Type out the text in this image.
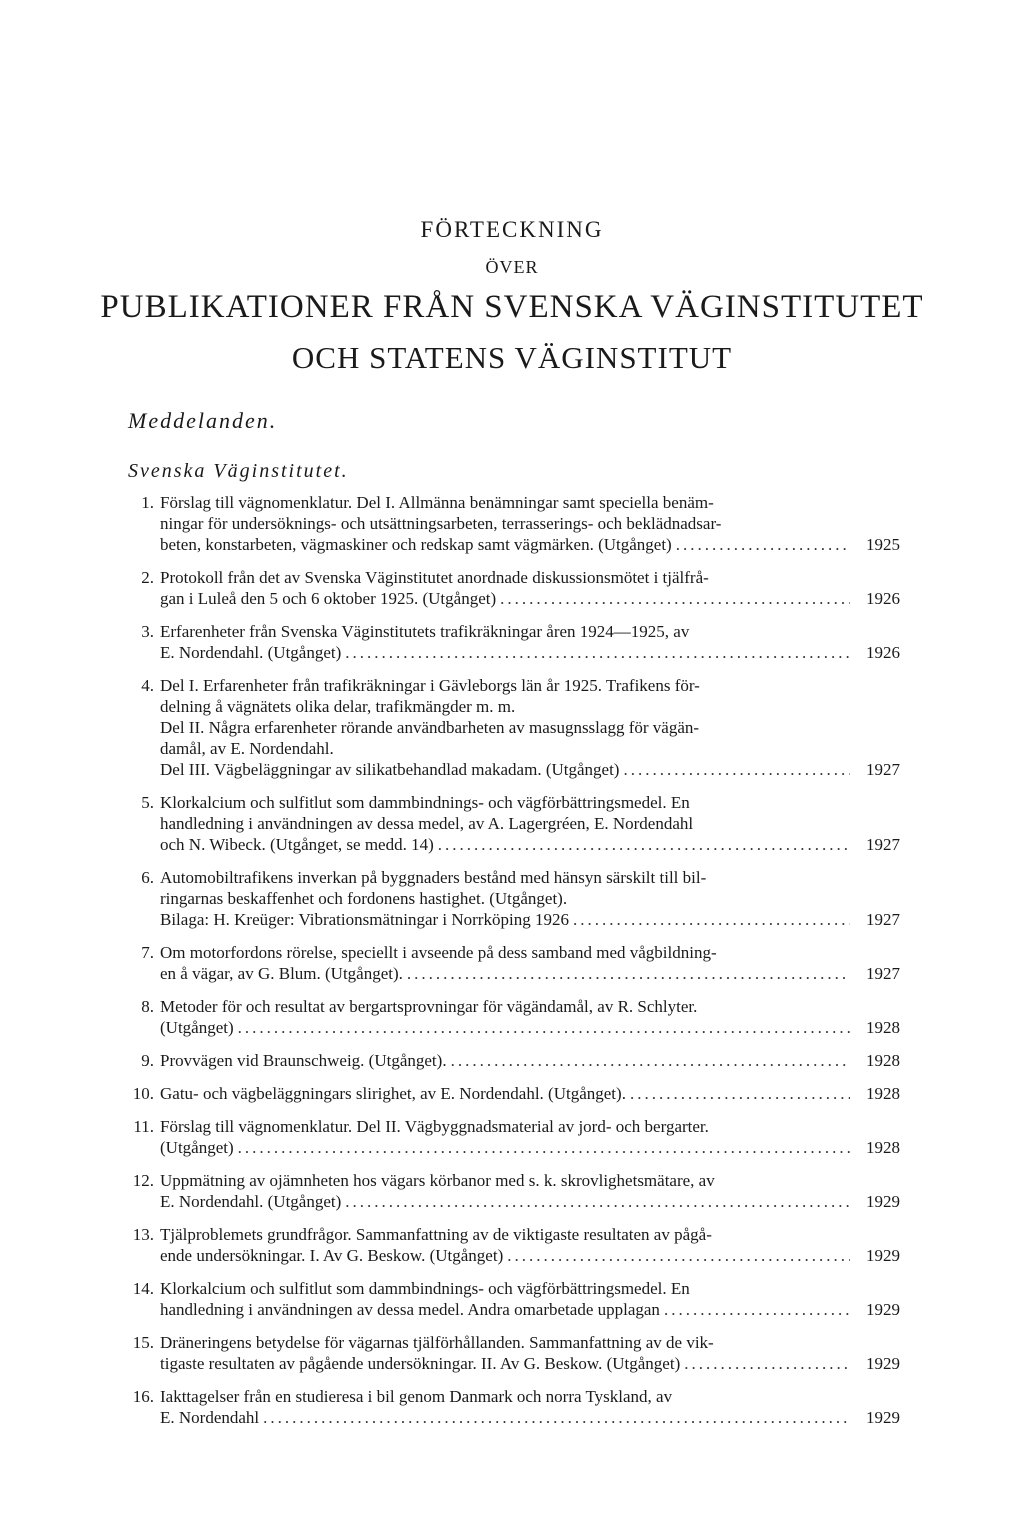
FÖRTECKNING
ÖVER
PUBLIKATIONER FRÅN SVENSKA VÄGINSTITUTET
OCH STATENS VÄGINSTITUT
Meddelanden.
Svenska Väginstitutet.
1. Förslag till vägnomenklatur. Del I. Allmänna benämningar samt speciella benäm-
ningar för undersöknings- och utsättningsarbeten, terrasserings- och beklädnadsar-
beten, konstarbeten, vägmaskiner och redskap samt vägmärken. (Utgånget) .....	1925
2. Protokoll från det av Svenska Väginstitutet anordnade diskussionsmötet i tjälfrå-
gan i Luleå den 5 och 6 oktober 1925. (Utgånget) .....	1926
3. Erfarenheter från Svenska Väginstitutets trafikräkningar åren 1924—1925, av
E. Nordendahl. (Utgånget) .....	1926
4. Del I. Erfarenheter från trafikräkningar i Gävleborgs län år 1925. Trafikens för-
delning å vägnätets olika delar, trafikmängder m. m.
Del II. Några erfarenheter rörande användbarheten av masugnsslagg för vägän-
damål, av E. Nordendahl.
Del III. Vägbeläggningar av silikatbehandlad makadam. (Utgånget) .....	1927
5. Klorkalcium och sulfitlut som dammbindnings- och vägförbättringsmedel. En
handledning i användningen av dessa medel, av A. Lagergréen, E. Nordendahl
och N. Wibeck. (Utgånget, se medd. 14) .....	1927
6. Automobiltrafikens inverkan på byggnaders bestånd med hänsyn särskilt till bil-
ringarnas beskaffenhet och fordonens hastighet. (Utgånget).
Bilaga: H. Kreüger: Vibrationsmätningar i Norrköping 1926 .....	1927
7. Om motorfordons rörelse, speciellt i avseende på dess samband med vågbildning-
en å vägar, av G. Blum. (Utgånget). .....	1927
8. Metoder för och resultat av bergartsprovningar för vägändamål, av R. Schlyter.
(Utgånget) .....	1928
9. Provvägen vid Braunschweig. (Utgånget). .....	1928
10. Gatu- och vägbeläggningars slirighet, av E. Nordendahl. (Utgånget). .....	1928
11. Förslag till vägnomenklatur. Del II. Vägbyggnadsmaterial av jord- och bergarter.
(Utgånget) .....	1928
12. Uppmätning av ojämnheten hos vägars körbanor med s. k. skrovlighetsmätare, av
E. Nordendahl. (Utgånget) .....	1929
13. Tjälproblemets grundfrågor. Sammanfattning av de viktigaste resultaten av pågå-
ende undersökningar. I. Av G. Beskow. (Utgånget) .....	1929
14. Klorkalcium och sulfitlut som dammbindnings- och vägförbättringsmedel. En
handledning i användningen av dessa medel. Andra omarbetade upplagan .....	1929
15. Dräneringens betydelse för vägarnas tjälförhållanden. Sammanfattning av de vik-
tigaste resultaten av pågående undersökningar. II. Av G. Beskow. (Utgånget) .....	1929
16. Iakttagelser från en studieresa i bil genom Danmark och norra Tyskland, av
E. Nordendahl .....	1929
